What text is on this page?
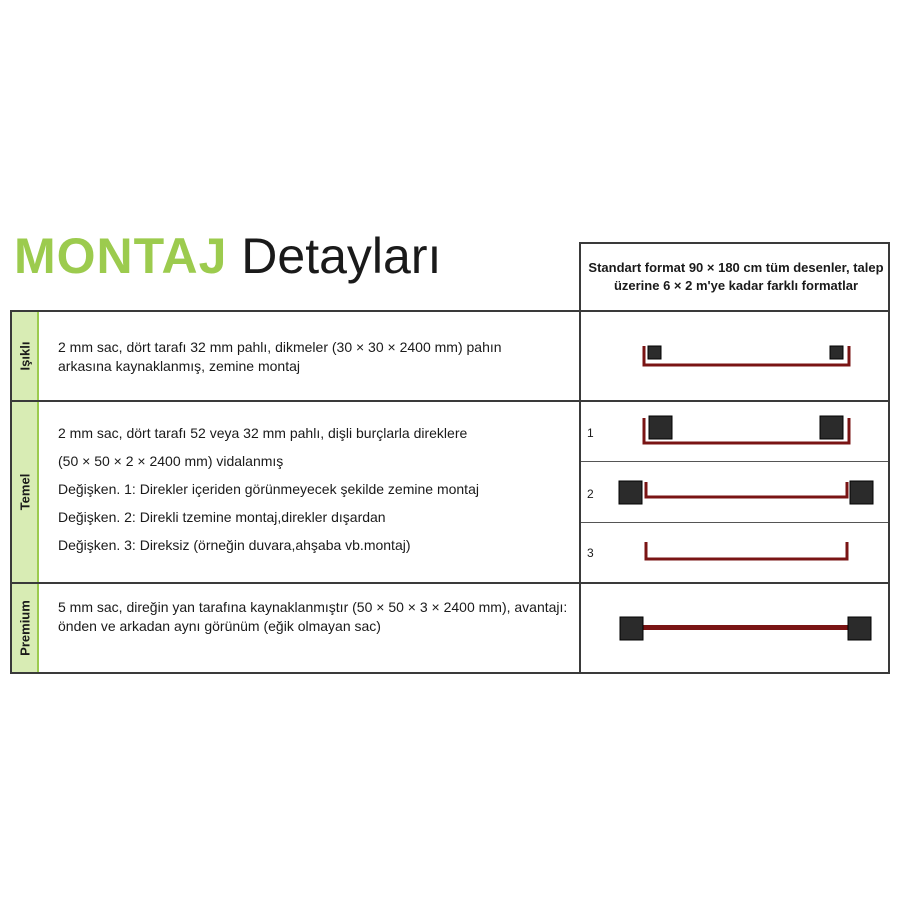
MONTAJ Detayları	Standart format 90 × 180 cm tüm desenler, talep üzerine 6 × 2 m'ye kadar farklı formatlar
Işıklı
Temel
Premium
2 mm sac, dört tarafı 32 mm pahlı, dikmeler (30 × 30 × 2400 mm) pahın arkasına kaynaklanmış, zemine montaj
2 mm sac, dört tarafı 52 veya 32 mm pahlı, dişli burçlarla direklere
(50 × 50 × 2 × 2400 mm) vidalanmış
Değişken. 1: Direkler içeriden görünmeyecek şekilde zemine montaj
Değişken. 2: Direkli tzemine montaj,direkler dışardan
Değişken. 3: Direksiz (örneğin duvara,ahşaba vb.montaj)
5 mm sac, direğin yan tarafına kaynaklanmıştır (50 × 50 × 3 × 2400 mm), avantajı: önden ve arkadan aynı görünüm (eğik olmayan sac)
1
2
3
